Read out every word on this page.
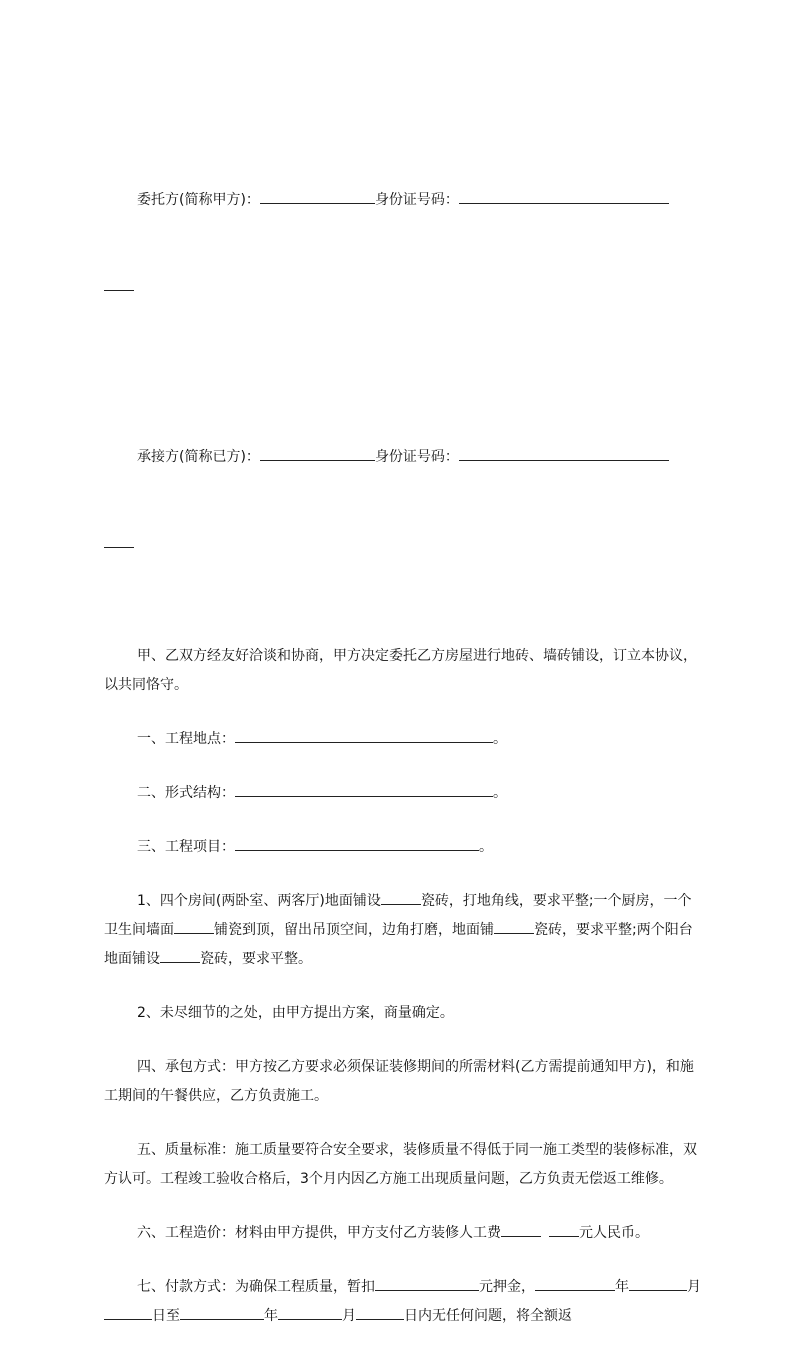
委托方(简称甲方)：	身份证号码：

承接方(简称已方)：	身份证号码：

甲、乙双方经友好洽谈和协商，甲方决定委托乙方房屋进行地砖、墙砖铺设，订立本协议，以共同恪守。
一、工程地点：	。
二、形式结构：	。
三、工程项目：	。
1、四个房间(两卧室、两客厅)地面铺设	瓷砖，打地角线，要求平整;一个厨房，一个卫生间墙面	铺瓷到顶，留出吊顶空间，边角打磨，地面铺	瓷砖，要求平整;两个阳台地面铺设	瓷砖，要求平整。
2、未尽细节的之处，由甲方提出方案，商量确定。
四、承包方式：甲方按乙方要求必须保证装修期间的所需材料(乙方需提前通知甲方)，和施工期间的午餐供应，乙方负责施工。
五、质量标准：施工质量要符合安全要求，装修质量不得低于同一施工类型的装修标准，双方认可。工程竣工验收合格后，3个月内因乙方施工出现质量问题，乙方负责无偿返工维修。
六、工程造价：材料由甲方提供，甲方支付乙方装修人工费	元人民币。
七、付款方式：为确保工程质量，暂扣	元押金，	年	月日至	年	月	日内无任何问题，将全额返
